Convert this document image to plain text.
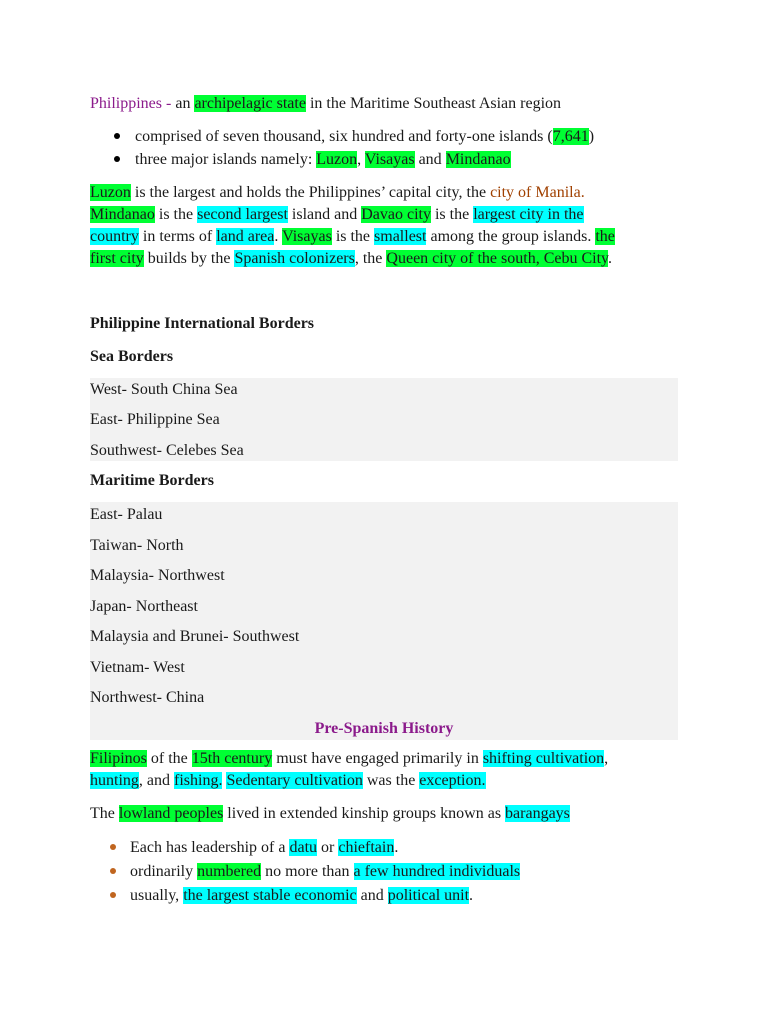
Philippines - an archipelagic state in the Maritime Southeast Asian region
comprised of seven thousand, six hundred and forty-one islands (7,641)
three major islands namely: Luzon, Visayas and Mindanao
Luzon is the largest and holds the Philippines’ capital city, the city of Manila.
Mindanao is the second largest island and Davao city is the largest city in the
country in terms of land area. Visayas is the smallest among the group islands. the
first city builds by the Spanish colonizers, the Queen city of the south, Cebu City.
Philippine International Borders
Sea Borders
West- South China Sea
East- Philippine Sea
Southwest- Celebes Sea
Maritime Borders
East- Palau
Taiwan- North
Malaysia- Northwest
Japan- Northeast
Malaysia and Brunei- Southwest
Vietnam- West
Northwest- China
Pre-Spanish History
Filipinos of the 15th century must have engaged primarily in shifting cultivation,
hunting, and fishing. Sedentary cultivation was the exception.
The lowland peoples lived in extended kinship groups known as barangays
Each has leadership of a datu or chieftain.
ordinarily numbered no more than a few hundred individuals
usually, the largest stable economic and political unit.
